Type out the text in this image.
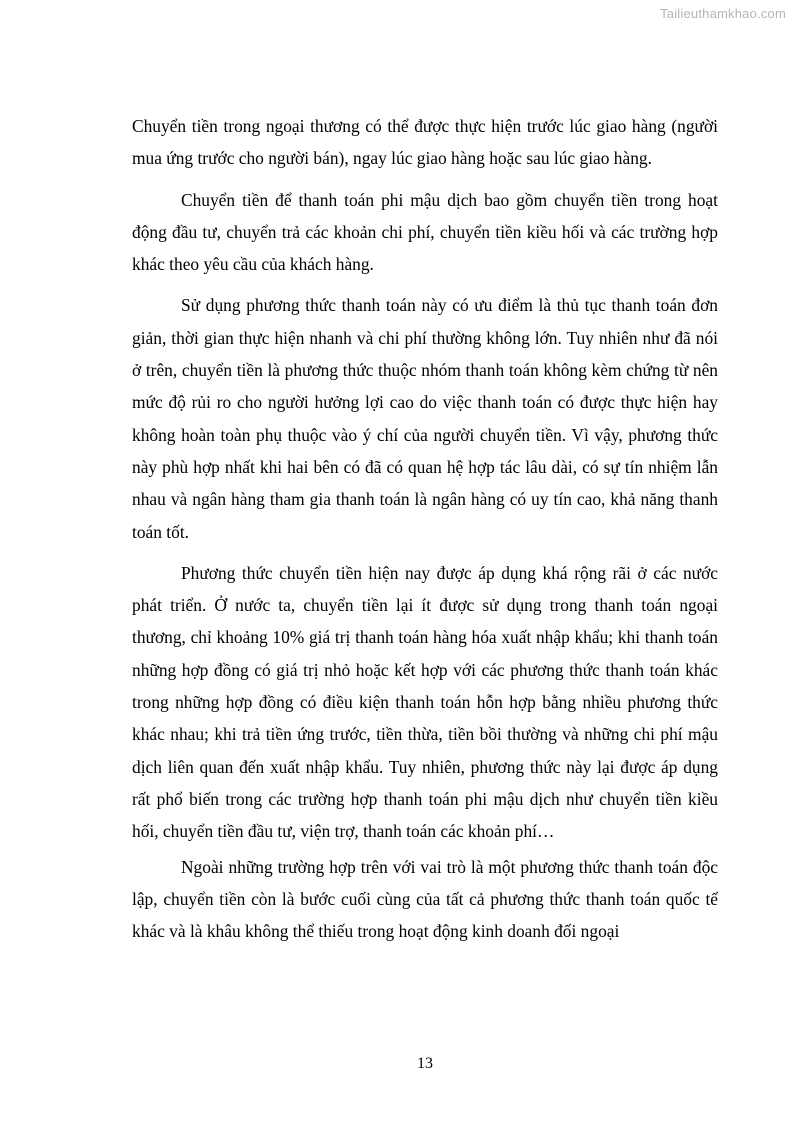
Tailieuthamkhao.com

Chuyển tiền trong ngoại thương có thể được thực hiện trước lúc giao hàng (người mua ứng trước cho người bán), ngay lúc giao hàng hoặc sau lúc giao hàng.

Chuyển tiền để thanh toán phi mậu dịch bao gồm chuyển tiền trong hoạt động đầu tư, chuyển trả các khoản chi phí, chuyển tiền kiều hối và các trường hợp khác theo yêu cầu của khách hàng.

Sử dụng phương thức thanh toán này có ưu điểm là thủ tục thanh toán đơn giản, thời gian thực hiện nhanh và chi phí thường không lớn. Tuy nhiên như đã nói ở trên, chuyển tiền là phương thức thuộc nhóm thanh toán không kèm chứng từ nên mức độ rủi ro cho người hưởng lợi cao do việc thanh toán có được thực hiện hay không hoàn toàn phụ thuộc vào ý chí của người chuyển tiền. Vì vậy, phương thức này phù hợp nhất khi hai bên có đã có quan hệ hợp tác lâu dài, có sự tín nhiệm lẫn nhau và ngân hàng tham gia thanh toán là ngân hàng có uy tín cao, khả năng thanh toán tốt.

Phương thức chuyển tiền hiện nay được áp dụng khá rộng rãi ở các nước phát triển. Ở nước ta, chuyển tiền lại ít được sử dụng trong thanh toán ngoại thương, chỉ khoảng 10% giá trị thanh toán hàng hóa xuất nhập khẩu; khi thanh toán những hợp đồng có giá trị nhỏ hoặc kết hợp với các phương thức thanh toán khác trong những hợp đồng có điều kiện thanh toán hỗn hợp bằng nhiều phương thức khác nhau; khi trả tiền ứng trước, tiền thừa, tiền bồi thường và những chi phí mậu dịch liên quan đến xuất nhập khẩu. Tuy nhiên, phương thức này lại được áp dụng rất phổ biến trong các trường hợp thanh toán phi mậu dịch như chuyển tiền kiều hối, chuyển tiền đầu tư, viện trợ, thanh toán các khoản phí…

Ngoài những trường hợp trên với vai trò là một phương thức thanh toán độc lập, chuyển tiền còn là bước cuối cùng của tất cả phương thức thanh toán quốc tế khác và là khâu không thể thiếu trong hoạt động kinh doanh đối ngoại

13
